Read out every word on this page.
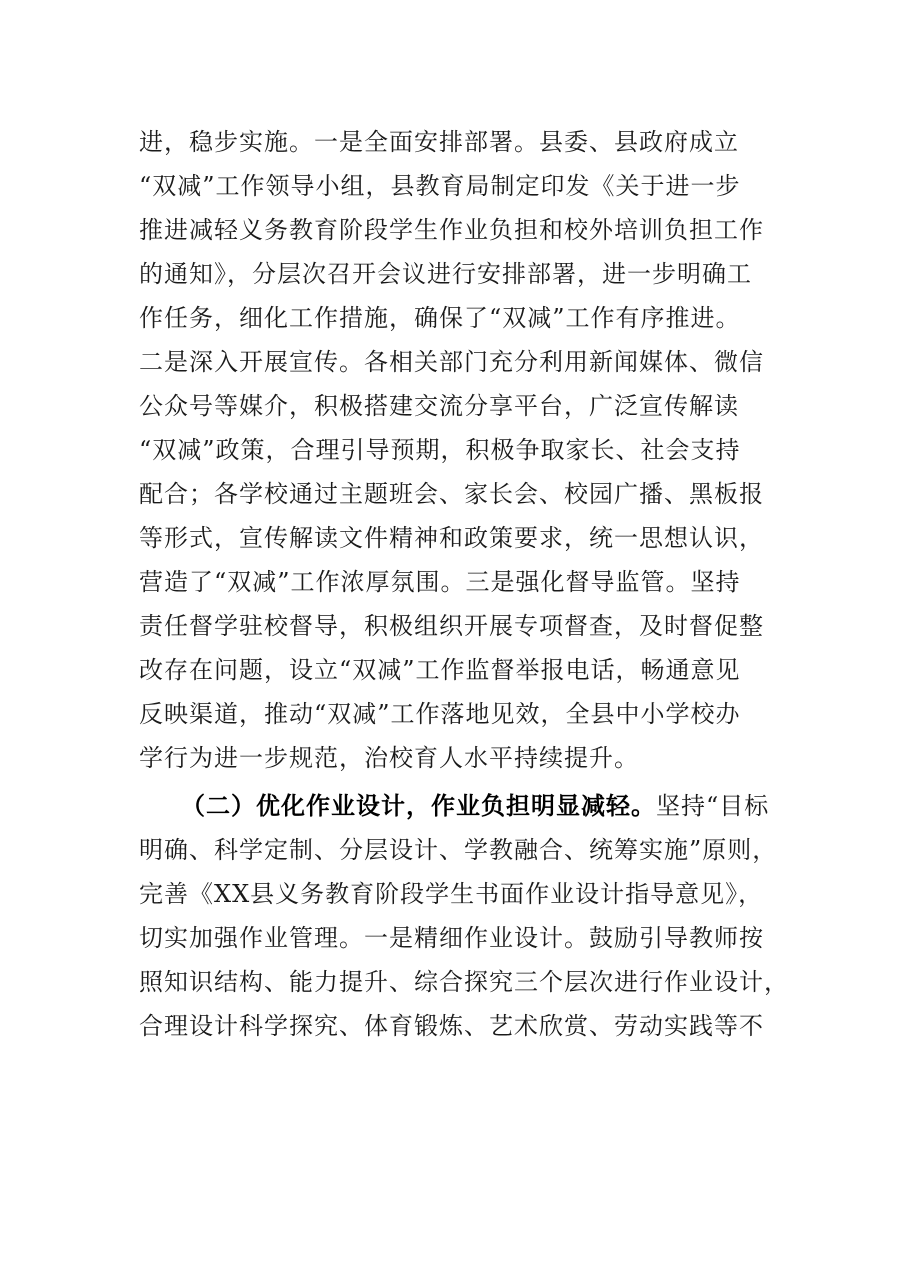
进，稳步实施。一是全面安排部署。县委、县政府成立
“双减”工作领导小组，县教育局制定印发《关于进一步
推进减轻义务教育阶段学生作业负担和校外培训负担工作
的通知》，分层次召开会议进行安排部署，进一步明确工
作任务，细化工作措施，确保了“双减”工作有序推进。
二是深入开展宣传。各相关部门充分利用新闻媒体、微信
公众号等媒介，积极搭建交流分享平台，广泛宣传解读
“双减”政策，合理引导预期，积极争取家长、社会支持
配合；各学校通过主题班会、家长会、校园广播、黑板报
等形式，宣传解读文件精神和政策要求，统一思想认识，
营造了“双减”工作浓厚氛围。三是强化督导监管。坚持
责任督学驻校督导，积极组织开展专项督查，及时督促整
改存在问题，设立“双减”工作监督举报电话，畅通意见
反映渠道，推动“双减”工作落地见效，全县中小学校办
学行为进一步规范，治校育人水平持续提升。
（二）优化作业设计，作业负担明显减轻。坚持“目标
明确、科学定制、分层设计、学教融合、统筹实施”原则，
完善《XX县义务教育阶段学生书面作业设计指导意见》，
切实加强作业管理。一是精细作业设计。鼓励引导教师按
照知识结构、能力提升、综合探究三个层次进行作业设计，
合理设计科学探究、体育锻炼、艺术欣赏、劳动实践等不
